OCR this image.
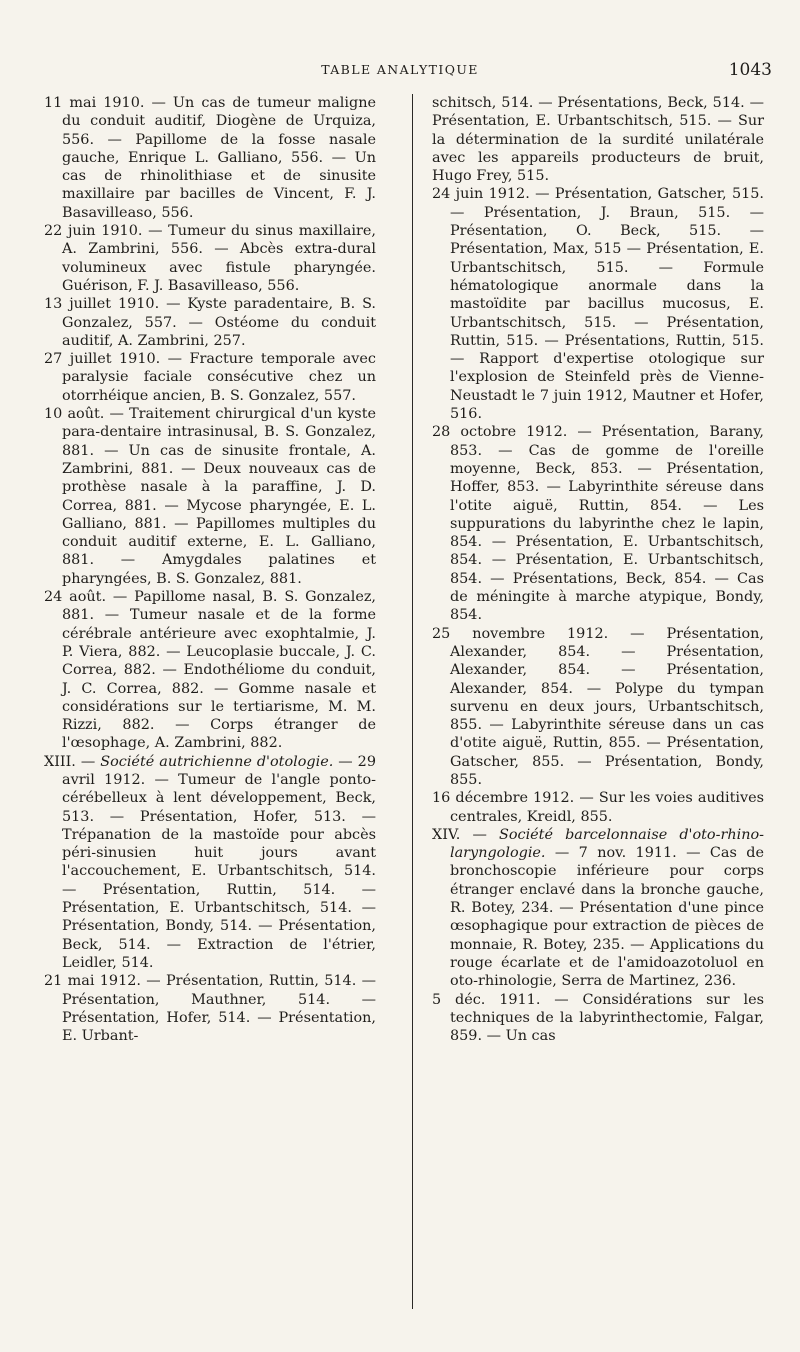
TABLE ANALYTIQUE	1043

11 mai 1910. — Un cas de tumeur maligne du conduit auditif, Diogène de Urquiza, 556. — Papillome de la fosse nasale gauche, Enrique L. Galliano, 556. — Un cas de rhinolithiase et de sinusite maxillaire par bacilles de Vincent, F. J. Basavilleaso, 556.

22 juin 1910. — Tumeur du sinus maxillaire, A. Zambrini, 556. — Abcès extra-dural volumineux avec fistule pharyngée. Guérison, F. J. Basavilleaso, 556.

13 juillet 1910. — Kyste paradentaire, B. S. Gonzalez, 557. — Ostéome du conduit auditif, A. Zambrini, 257.

27 juillet 1910. — Fracture temporale avec paralysie faciale consécutive chez un otorrhéique ancien, B. S. Gonzalez, 557.

10 août. — Traitement chirurgical d'un kyste para-dentaire intrasinusal, B. S. Gonzalez, 881. — Un cas de sinusite frontale, A. Zambrini, 881. — Deux nouveaux cas de prothèse nasale à la paraffine, J. D. Correa, 881. — Mycose pharyngée, E. L. Galliano, 881. — Papillomes multiples du conduit auditif externe, E. L. Galliano, 881. — Amygdales palatines et pharyngées, B. S. Gonzalez, 881.

24 août. — Papillome nasal, B. S. Gonzalez, 881. — Tumeur nasale et de la forme cérébrale antérieure avec exophtalmie, J. P. Viera, 882. — Leucoplasie buccale, J. C. Correa, 882. — Endothéliome du conduit, J. C. Correa, 882. — Gomme nasale et considérations sur le tertiarisme, M. M. Rizzi, 882. — Corps étranger de l'œsophage, A. Zambrini, 882.

XIII. — Société autrichienne d'otologie. — 29 avril 1912. — Tumeur de l'angle ponto-cérébelleux à lent développement, Beck, 513. — Présentation, Hofer, 513. — Trépanation de la mastoïde pour abcès péri-sinusien huit jours avant l'accouchement, E. Urbantschitsch, 514. — Présentation, Ruttin, 514. — Présentation, E. Urbantschitsch, 514. — Présentation, Bondy, 514. — Présentation, Beck, 514. — Extraction de l'étrier, Leidler, 514.

21 mai 1912. — Présentation, Ruttin, 514. — Présentation, Mauthner, 514. — Présentation, Hofer, 514. — Présentation, E. Urbant-

schitsch, 514. — Présentations, Beck, 514. — Présentation, E. Urbantschitsch, 515. — Sur la détermination de la surdité unilatérale avec les appareils producteurs de bruit, Hugo Frey, 515.

24 juin 1912. — Présentation, Gatscher, 515. — Présentation, J. Braun, 515. — Présentation, O. Beck, 515. — Présentation, Max, 515 — Présentation, E. Urbantschitsch, 515. — Formule hématologique anormale dans la mastoïdite par bacillus mucosus, E. Urbantschitsch, 515. — Présentation, Ruttin, 515. — Présentations, Ruttin, 515. — Rapport d'expertise otologique sur l'explosion de Steinfeld près de Vienne-Neustadt le 7 juin 1912, Mautner et Hofer, 516.

28 octobre 1912. — Présentation, Barany, 853. — Cas de gomme de l'oreille moyenne, Beck, 853. — Présentation, Hoffer, 853. — Labyrinthite séreuse dans l'otite aiguë, Ruttin, 854. — Les suppurations du labyrinthe chez le lapin, 854. — Présentation, E. Urbantschitsch, 854. — Présentation, E. Urbantschitsch, 854. — Présentations, Beck, 854. — Cas de méningite à marche atypique, Bondy, 854.

25 novembre 1912. — Présentation, Alexander, 854. — Présentation, Alexander, 854. — Présentation, Alexander, 854. — Polype du tympan survenu en deux jours, Urbantschitsch, 855. — Labyrinthite séreuse dans un cas d'otite aiguë, Ruttin, 855. — Présentation, Gatscher, 855. — Présentation, Bondy, 855.

16 décembre 1912. — Sur les voies auditives centrales, Kreidl, 855.

XIV. — Société barcelonnaise d'oto-rhino-laryngologie. — 7 nov. 1911. — Cas de bronchoscopie inférieure pour corps étranger enclavé dans la bronche gauche, R. Botey, 234. — Présentation d'une pince œsophagique pour extraction de pièces de monnaie, R. Botey, 235. — Applications du rouge écarlate et de l'amidoazotoluol en oto-rhinologie, Serra de Martinez, 236.

5 déc. 1911. — Considérations sur les techniques de la labyrinthectomie, Falgar, 859. — Un cas
